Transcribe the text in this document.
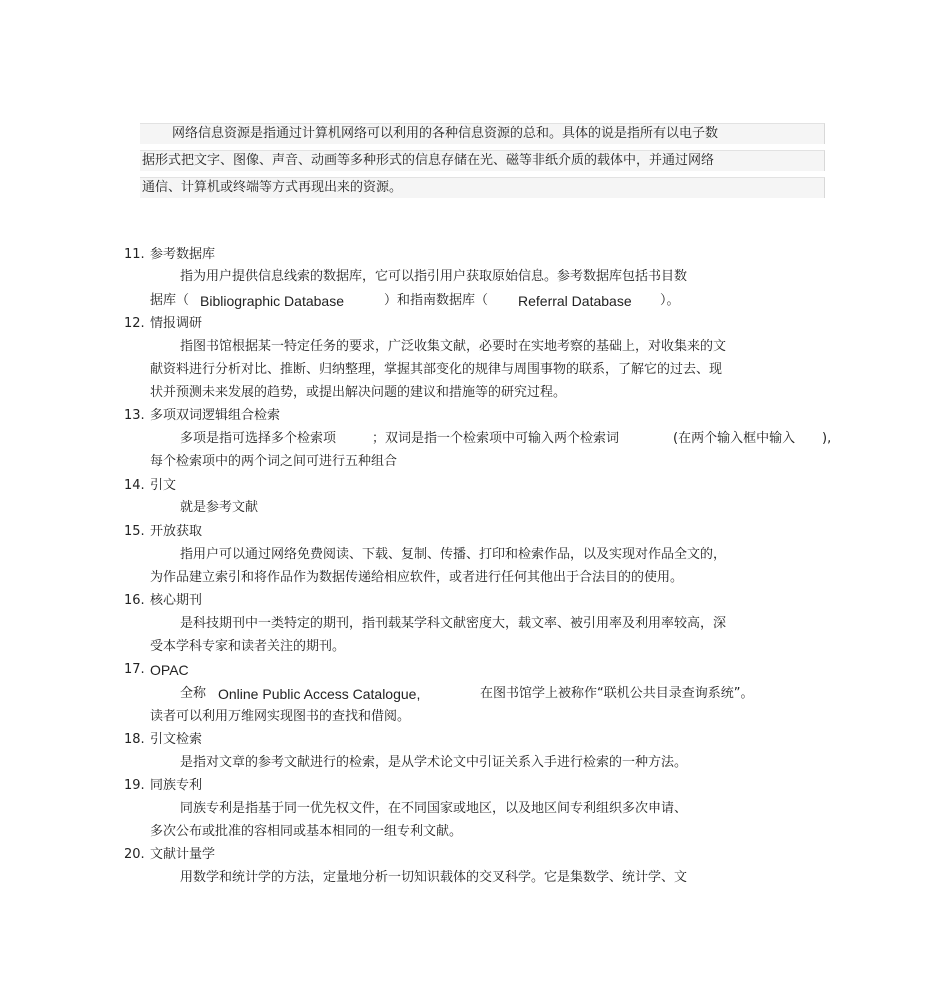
网络信息资源是指通过计算机网络可以利用的各种信息资源的总和。具体的说是指所有以电子数
据形式把文字、图像、声音、动画等多种形式的信息存储在光、磁等非纸介质的载体中，并通过网络
通信、计算机或终端等方式再现出来的资源。
11. 参考数据库
指为用户提供信息线索的数据库，它可以指引用户获取原始信息。参考数据库包括书目数
据库（ Bibliographic Database	）和指南数据库（ Referral Database ）。
12. 情报调研
指图书馆根据某一特定任务的要求，广泛收集文献，必要时在实地考察的基础上，对收集来的文
献资料进行分析对比、推断、归纳整理，掌握其部变化的规律与周围事物的联系，了解它的过去、现
状并预测未来发展的趋势，或提出解决问题的建议和措施等的研究过程。
13. 多项双词逻辑组合检索
多项是指可选择多个检索项	；双词是指一个检索项中可输入两个检索词	(在两个输入框中输入 ),
每个检索项中的两个词之间可进行五种组合
14. 引文
就是参考文献
15. 开放获取
指用户可以通过网络免费阅读、下载、复制、传播、打印和检索作品，以及实现对作品全文的，
为作品建立索引和将作品作为数据传递给相应软件，或者进行任何其他出于合法目的的使用。
16. 核心期刊
是科技期刊中一类特定的期刊，指刊载某学科文献密度大，载文率、被引用率及利用率较高，深
受本学科专家和读者关注的期刊。
17. OPAC
全称 Online Public Access Catalogue,	在图书馆学上被称作“联机公共目录查询系统”。
读者可以利用万维网实现图书的查找和借阅。
18. 引文检索
是指对文章的参考文献进行的检索，是从学术论文中引证关系入手进行检索的一种方法。
19. 同族专利
同族专利是指基于同一优先权文件，在不同国家或地区，以及地区间专利组织多次申请、
多次公布或批准的容相同或基本相同的一组专利文献。
20. 文献计量学
用数学和统计学的方法，定量地分析一切知识载体的交叉科学。它是集数学、统计学、文
